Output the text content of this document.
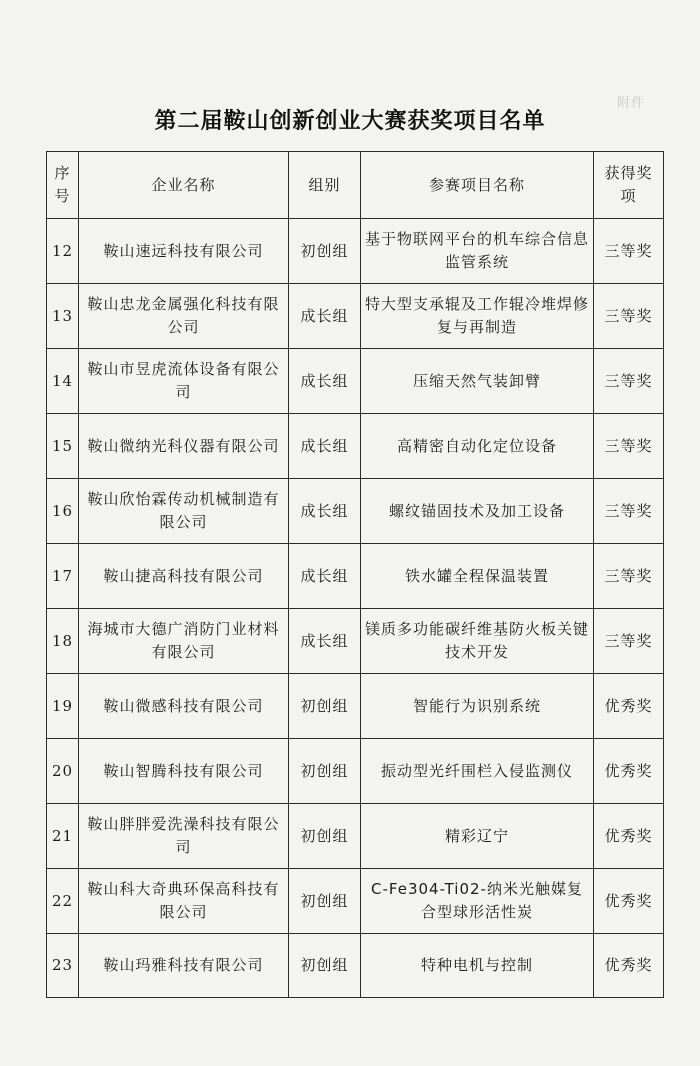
附件
第二届鞍山创新创业大赛获奖项目名单
序号	企业名称	组别	参赛项目名称	获得奖项
12	鞍山速远科技有限公司	初创组	基于物联网平台的机车综合信息监管系统	三等奖
13	鞍山忠龙金属强化科技有限公司	成长组	特大型支承辊及工作辊冷堆焊修复与再制造	三等奖
14	鞍山市昱虎流体设备有限公司	成长组	压缩天然气装卸臂	三等奖
15	鞍山微纳光科仪器有限公司	成长组	高精密自动化定位设备	三等奖
16	鞍山欣怡霖传动机械制造有限公司	成长组	螺纹锚固技术及加工设备	三等奖
17	鞍山捷高科技有限公司	成长组	铁水罐全程保温装置	三等奖
18	海城市大德广消防门业材料有限公司	成长组	镁质多功能碳纤维基防火板关键技术开发	三等奖
19	鞍山微感科技有限公司	初创组	智能行为识别系统	优秀奖
20	鞍山智腾科技有限公司	初创组	振动型光纤围栏入侵监测仪	优秀奖
21	鞍山胖胖爱洗澡科技有限公司	初创组	精彩辽宁	优秀奖
22	鞍山科大奇典环保高科技有限公司	初创组	C-Fe304-Ti02-纳米光触媒复合型球形活性炭	优秀奖
23	鞍山玛雅科技有限公司	初创组	特种电机与控制	优秀奖
